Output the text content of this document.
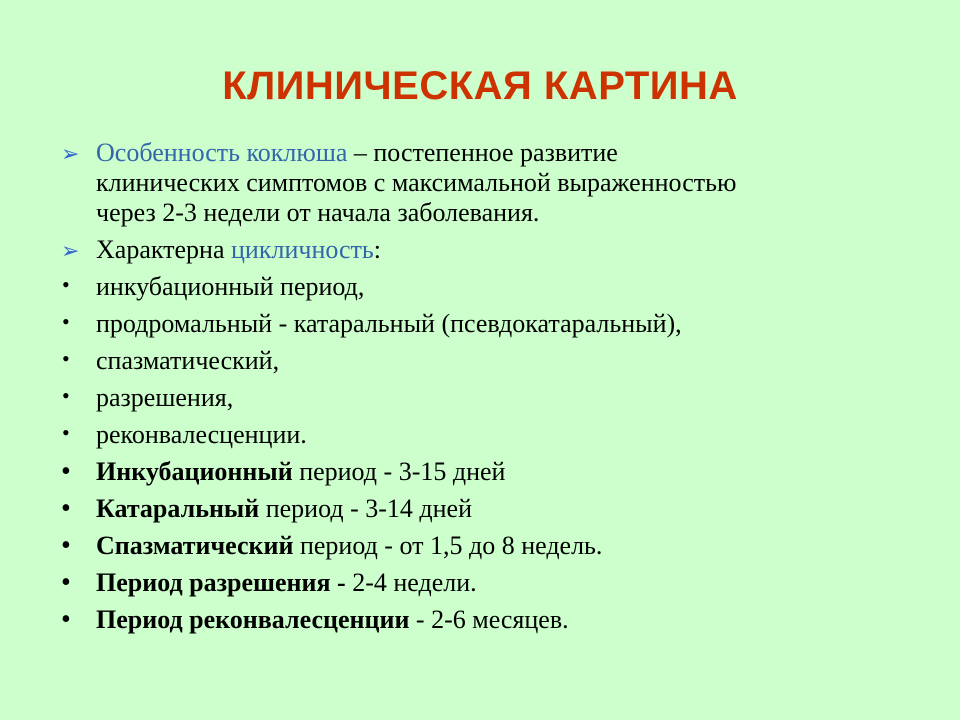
КЛИНИЧЕСКАЯ КАРТИНА
➢ Особенность коклюша – постепенное развитие
клинических симптомов с максимальной выраженностью
через 2-3 недели от начала заболевания.
➢ Характерна цикличность:
• инкубационный период,
• продромальный - катаральный (псевдокатаральный),
• спазматический,
• разрешения,
• реконвалесценции.
• Инкубационный период - 3-15 дней
• Катаральный период - 3-14 дней
• Спазматический период - от 1,5 до 8 недель.
• Период разрешения - 2-4 недели.
• Период реконвалесценции - 2-6 месяцев.
